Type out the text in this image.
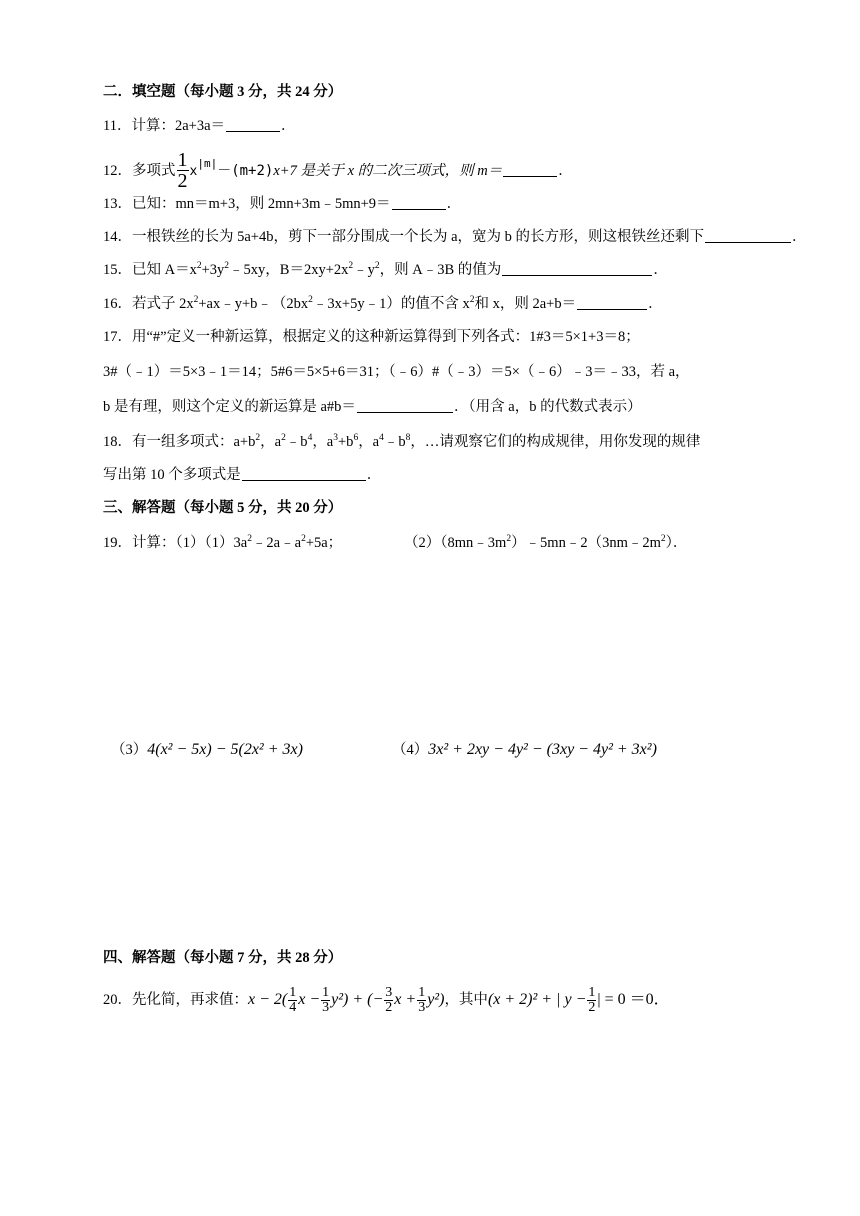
二．填空题（每小题 3 分，共 24 分）
11．计算：2a+3a＝	．
12．多项式 $\frac{1}{2} x^{|m|}-(m+2)x+7$ 是关于 x 的二次三项式，则 m＝	．
13．已知：mn＝m+3，则 2mn+3m﹣5mn+9＝	．
14．一根铁丝的长为 5a+4b，剪下一部分围成一个长为 a，宽为 b 的长方形，则这根铁丝还剩下	．
15．已知 $A=x^2+3y^2﹣5xy$，$B=2xy+2x^2﹣y^2$，则 A﹣3B 的值为	．
16．若式子 $2x^2+ax﹣y+b﹣(2bx^2﹣3x+5y﹣1)$的值不含 $x^2$和 x，则 2a+b＝	．
17．用“#”定义一种新运算，根据定义的这种新运算得到下列各式：1#3＝5×1+3＝8；
3#（﹣1）＝5×3﹣1＝14；5#6＝5×5+6＝31；（﹣6）#（﹣3）＝5×（﹣6）﹣3＝﹣33，若 a，
b 是有理，则这个定义的新运算是 a#b＝	．（用含 a，b 的代数式表示）
18．有一组多项式：$a+b^2$，$a^2﹣b^4$，$a^3+b^6$，$a^4﹣b^8$，…请观察它们的构成规律，用你发现的规律
写出第 10 个多项式是	．
三、解答题（每小题 5 分，共 20 分）
19．计算：$(1)(1)3a^2﹣2a﹣a^2+5a$；	$(2)(8mn﹣3m^2)﹣5mn﹣2(3nm﹣2m^2)$．
（3）4(x² − 5x) − 5(2x² + 3x)	（4）3x² + 2xy − 4y² − (3xy − 4y² + 3x²)
四、解答题（每小题 7 分，共 28 分）
20．先化简，再求值：$x - 2( \frac{1}{4}$ $x - \frac{1}{3} y^2$) + (− $\frac{3}{2}$ $x + \frac{1}{3} y^2$)，其中(x + 2)² + | $y - \frac{1}{2}$ | = 0 ＝0．
